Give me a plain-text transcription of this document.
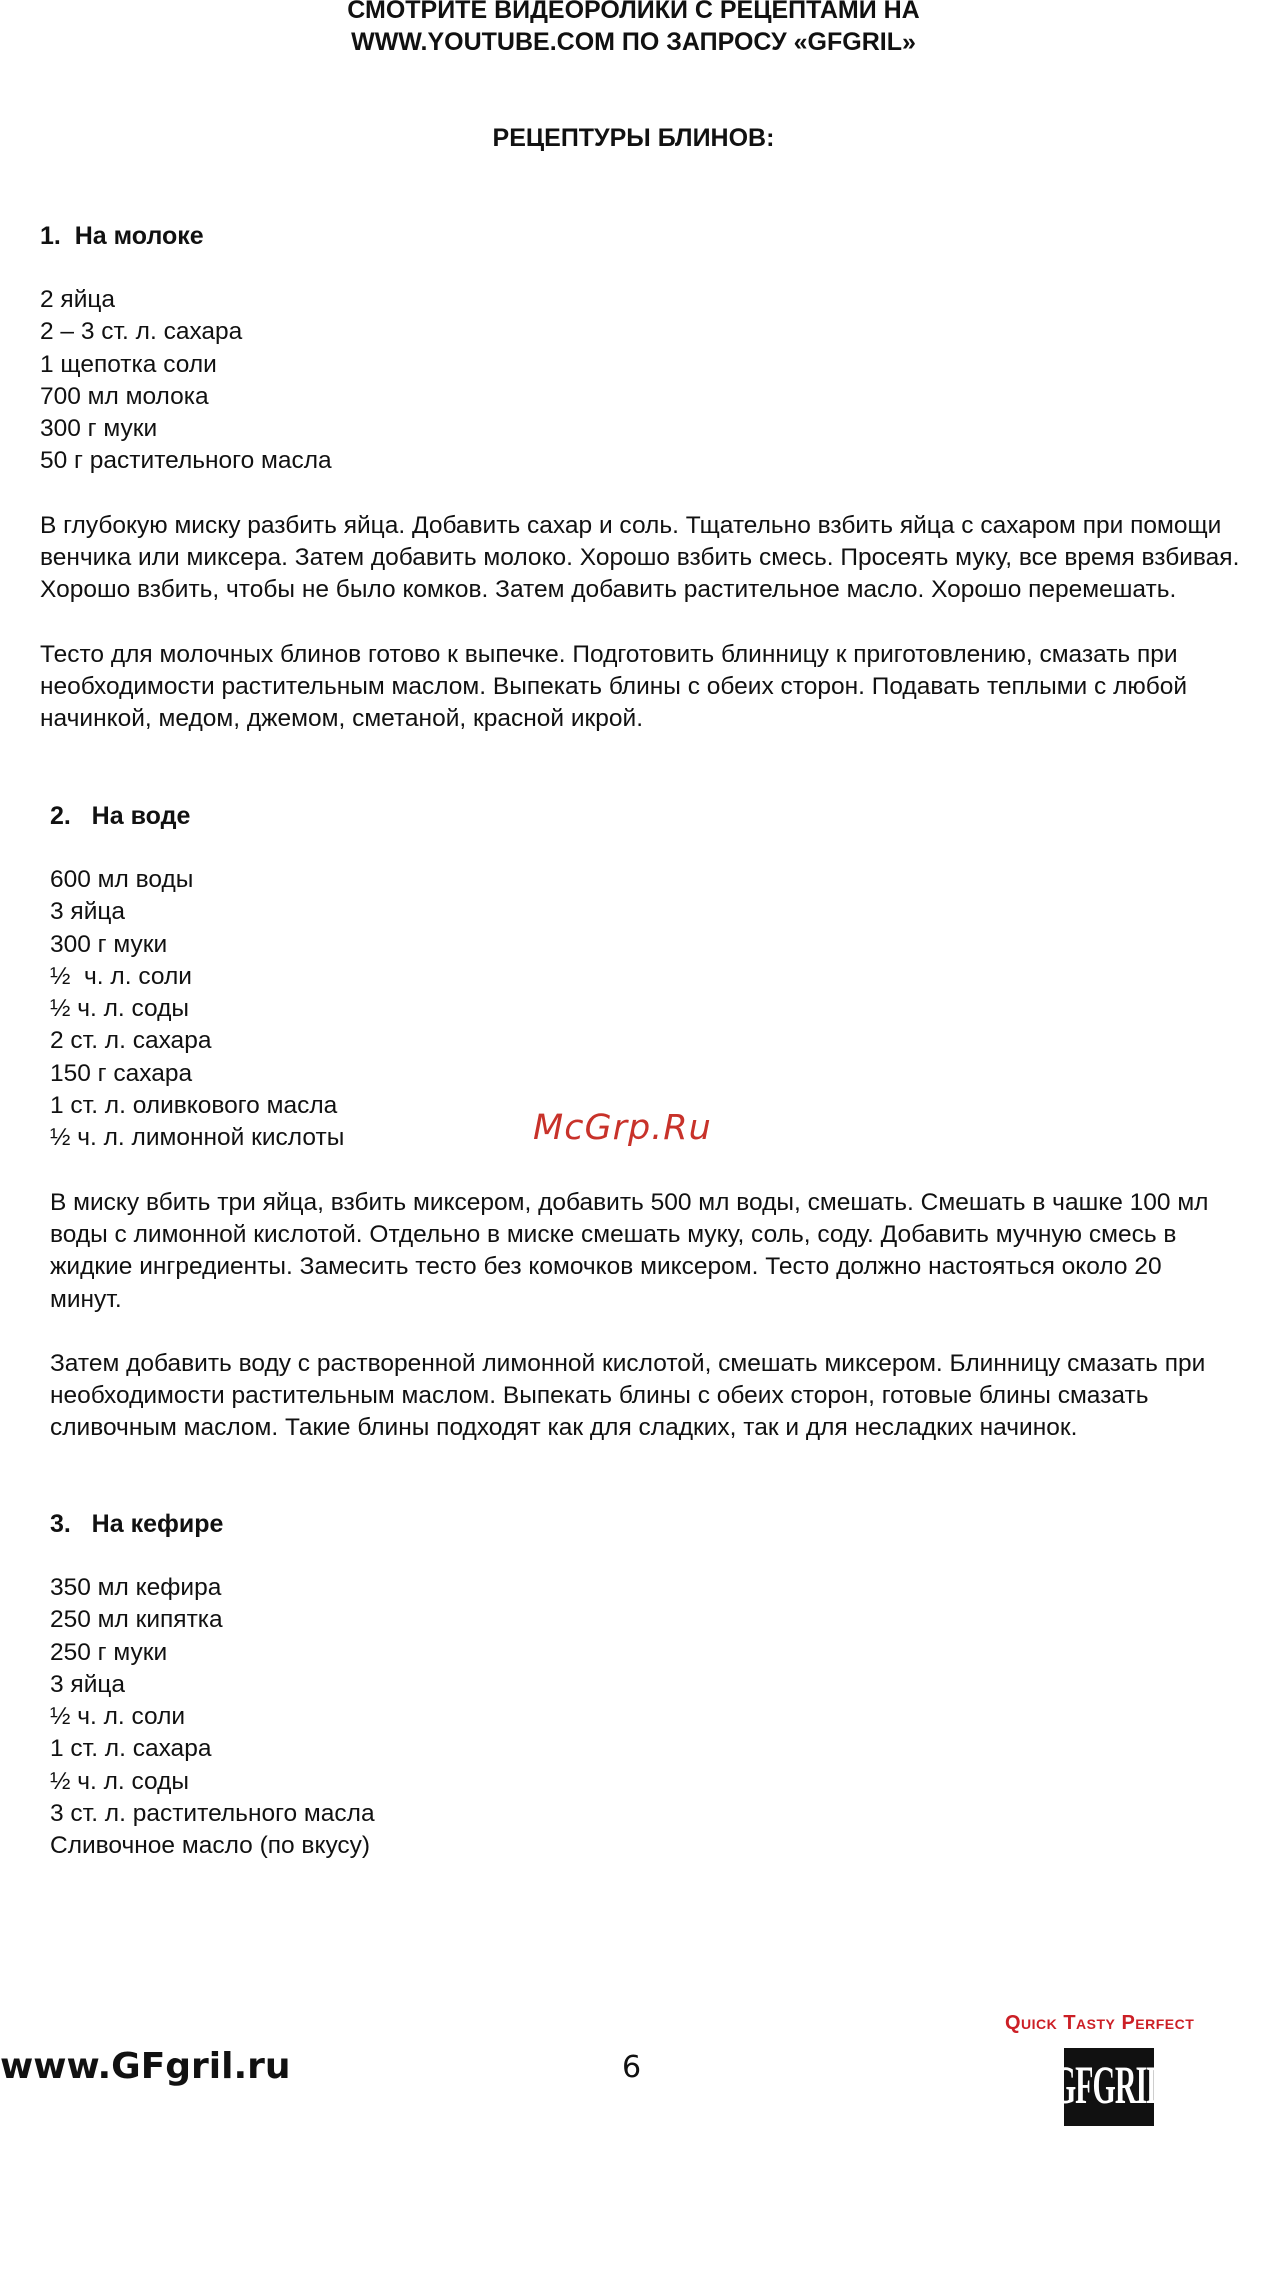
СМОТРИТЕ ВИДЕОРОЛИКИ С РЕЦЕПТАМИ НА

WWW.YOUTUBE.COM ПО ЗАПРОСУ «GFGRIL»

РЕЦЕПТУРЫ БЛИНОВ:
1.  На молоке
2 яйца
2 – 3 ст. л. сахара
1 щепотка соли
700 мл молока
300 г муки
50 г растительного масла

В глубокую миску разбить яйца. Добавить сахар и соль. Тщательно взбить яйца с сахаром при помощи венчика или миксера. Затем добавить молоко. Хорошо взбить смесь. Просеять муку, все время взбивая. Хорошо взбить, чтобы не было комков. Затем добавить растительное масло. Хорошо перемешать.

Тесто для молочных блинов готово к выпечке. Подготовить блинницу к приготовлению, смазать при необходимости растительным маслом. Выпекать блины с обеих сторон. Подавать теплыми с любой начинкой, медом, джемом, сметаной, красной икрой.

2.   На воде
600 мл воды
3 яйца
300 г муки
½  ч. л. соли
½ ч. л. соды
2 ст. л. сахара
150 г сахара
1 ст. л. оливкового масла
½ ч. л. лимонной кислоты

В миску вбить три яйца, взбить миксером, добавить 500 мл воды, смешать. Смешать в чашке 100 мл воды с лимонной кислотой. Отдельно в миске смешать муку, соль, соду. Добавить мучную смесь в жидкие ингредиенты. Замесить тесто без комочков миксером. Тесто должно настояться около 20 минут.

Затем добавить воду с растворенной лимонной кислотой, смешать миксером. Блинницу смазать при необходимости растительным маслом. Выпекать блины с обеих сторон, готовые блины смазать сливочным маслом. Такие блины подходят как для сладких, так и для несладких начинок.

3.   На кефире
350 мл кефира
250 мл кипятка
250 г муки
3 яйца
½ ч. л. соли
1 ст. л. сахара
½ ч. л. соды
3 ст. л. растительного масла
Сливочное масло (по вкусу)

McGrp.Ru

www.GFgril.ru	6

Quick Tasty Perfect

GFGRIL
